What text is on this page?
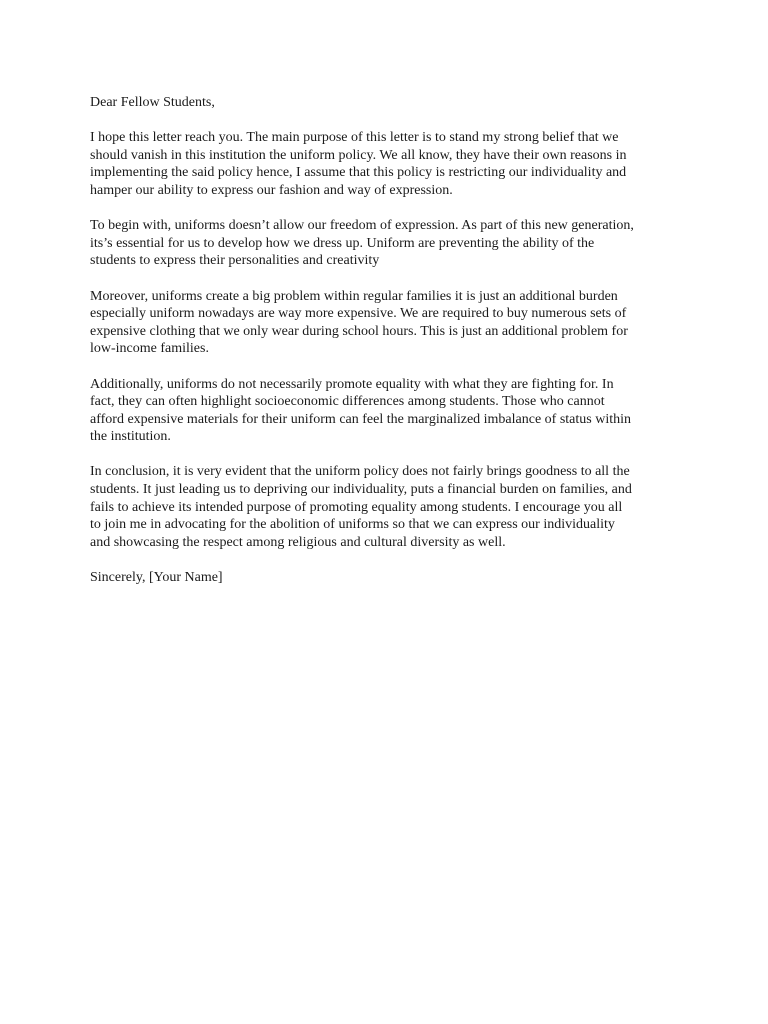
Dear Fellow Students,

I hope this letter reach you. The main purpose of this letter is to stand my strong belief that we
should vanish in this institution the uniform policy. We all know, they have their own reasons in
implementing the said policy hence, I assume that this policy is restricting our individuality and
hamper our ability to express our fashion and way of expression.

To begin with, uniforms doesn’t allow our freedom of expression. As part of this new generation,
its’s essential for us to develop how we dress up. Uniform are preventing the ability of the
students to express their personalities and creativity

Moreover, uniforms create a big problem within regular families it is just an additional burden
especially uniform nowadays are way more expensive. We are required to buy numerous sets of
expensive clothing that we only wear during school hours. This is just an additional problem for
low-income families.

Additionally, uniforms do not necessarily promote equality with what they are fighting for. In
fact, they can often highlight socioeconomic differences among students. Those who cannot
afford expensive materials for their uniform can feel the marginalized imbalance of status within
the institution.

In conclusion, it is very evident that the uniform policy does not fairly brings goodness to all the
students. It just leading us to depriving our individuality, puts a financial burden on families, and
fails to achieve its intended purpose of promoting equality among students. I encourage you all
to join me in advocating for the abolition of uniforms so that we can express our individuality
and showcasing the respect among religious and cultural diversity as well.

Sincerely, [Your Name]
